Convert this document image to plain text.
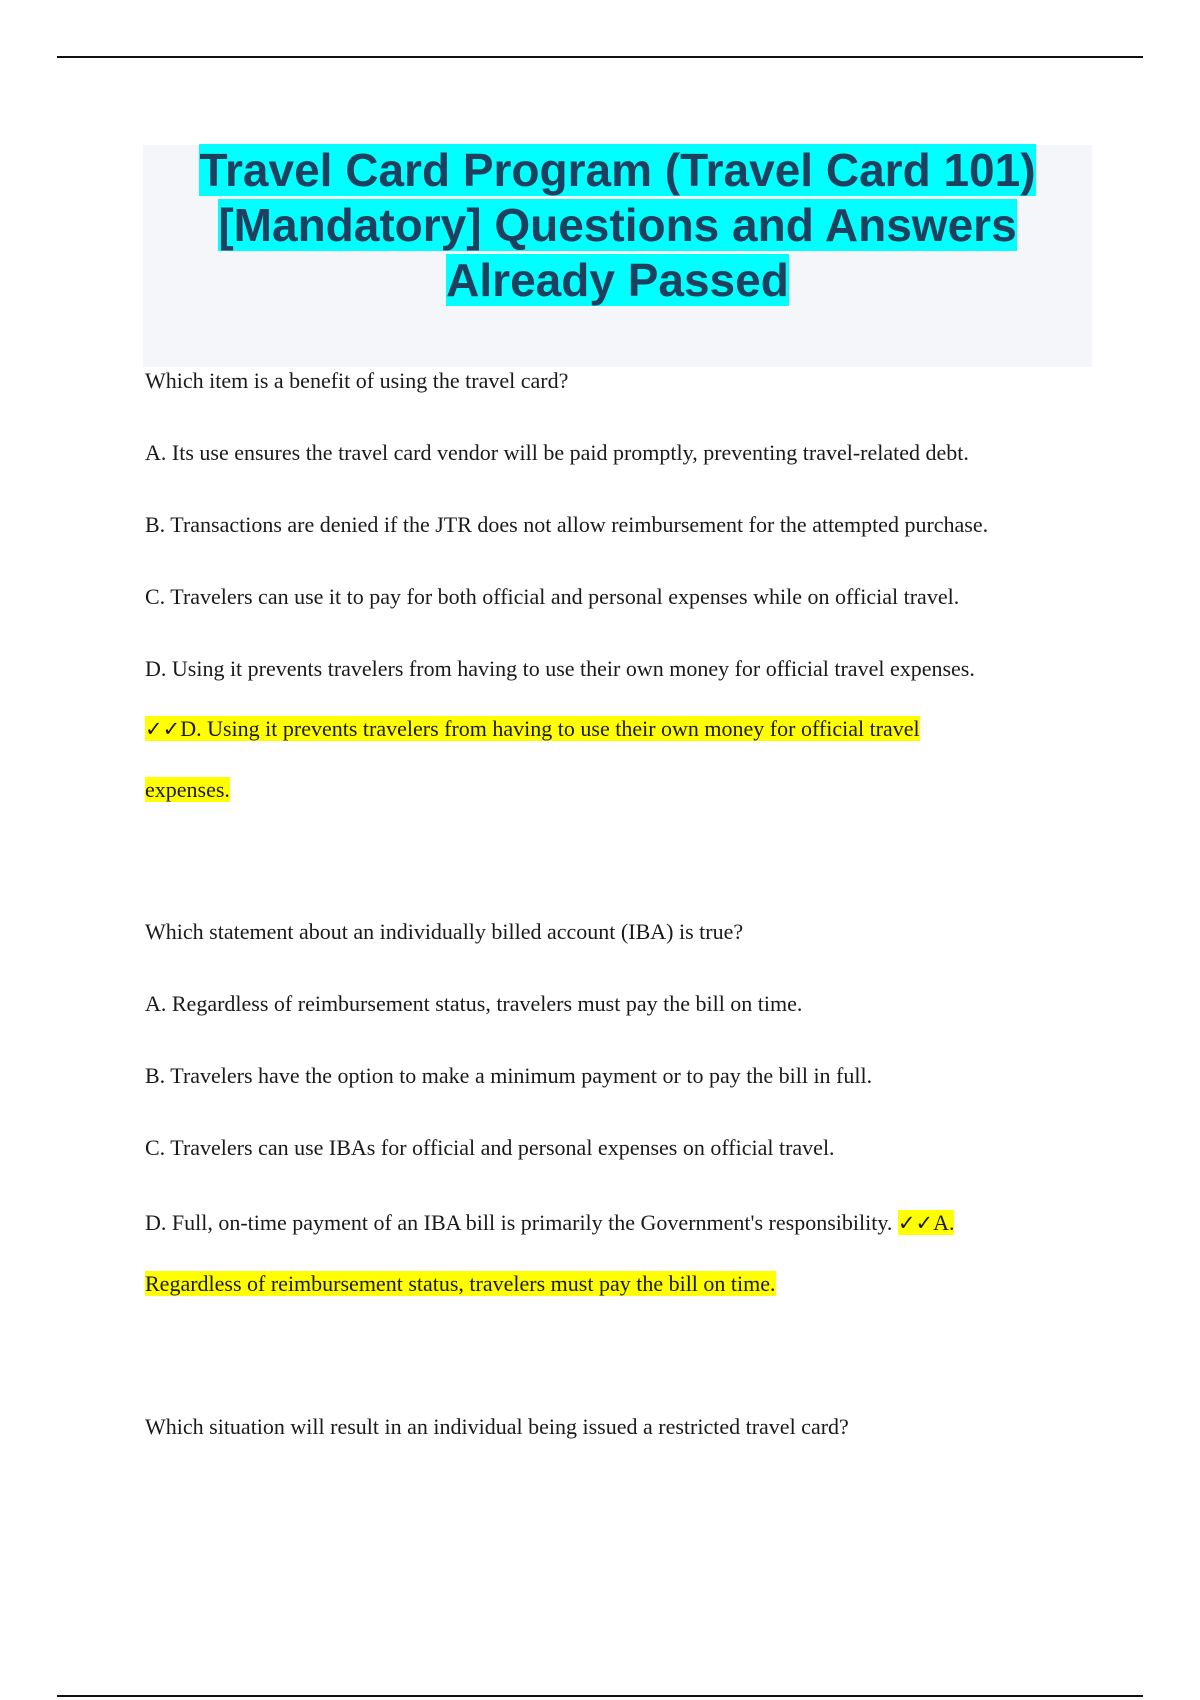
Travel Card Program (Travel Card 101)
[Mandatory] Questions and Answers
Already Passed

Which item is a benefit of using the travel card?

A. Its use ensures the travel card vendor will be paid promptly, preventing travel-related debt.

B. Transactions are denied if the JTR does not allow reimbursement for the attempted purchase.

C. Travelers can use it to pay for both official and personal expenses while on official travel.

D. Using it prevents travelers from having to use their own money for official travel expenses.

✓✓D. Using it prevents travelers from having to use their own money for official travel

expenses.

Which statement about an individually billed account (IBA) is true?

A. Regardless of reimbursement status, travelers must pay the bill on time.

B. Travelers have the option to make a minimum payment or to pay the bill in full.

C. Travelers can use IBAs for official and personal expenses on official travel.

D. Full, on-time payment of an IBA bill is primarily the Government's responsibility. ✓✓A.

Regardless of reimbursement status, travelers must pay the bill on time.

Which situation will result in an individual being issued a restricted travel card?
